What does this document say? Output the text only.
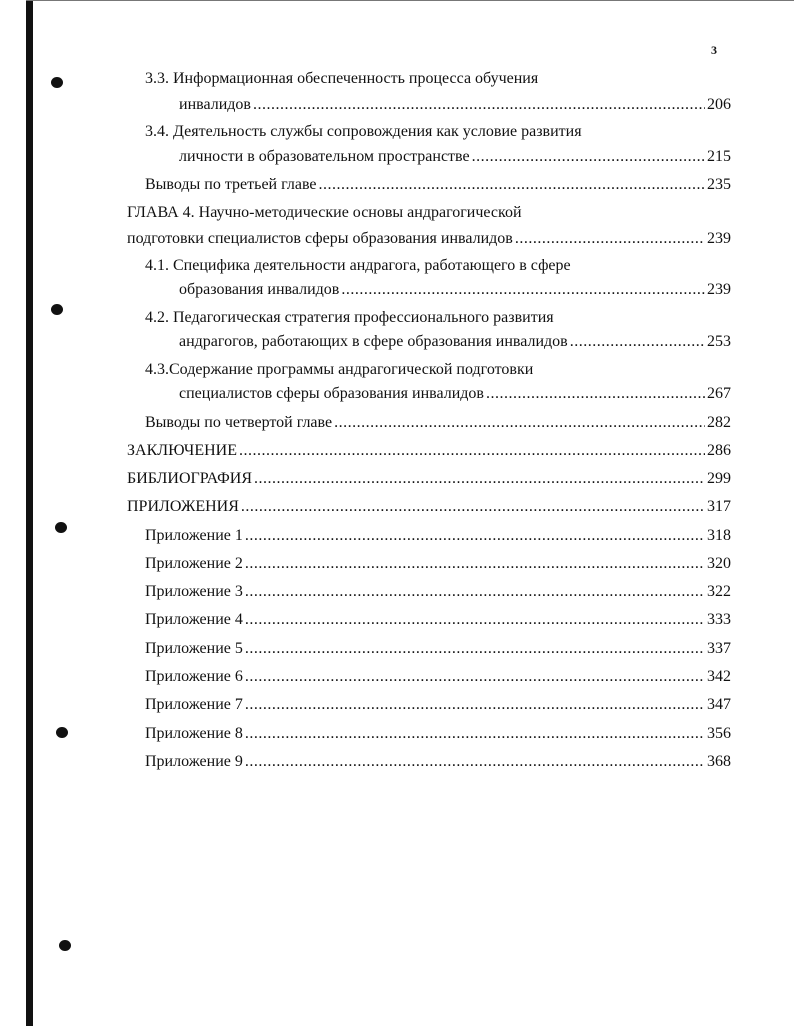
3
3.3. Информационная обеспеченность процесса обучения
инвалидов .....	206
3.4. Деятельность службы сопровождения как условие развития
личности в образовательном пространстве .....	215
Выводы по третьей главе .....	235
ГЛАВА 4. Научно-методические основы андрагогической
подготовки специалистов сферы образования инвалидов .....	239
4.1. Специфика деятельности андрагога, работающего в сфере
образования инвалидов .....	239
4.2. Педагогическая стратегия профессионального развития
андрагогов, работающих в сфере образования инвалидов .....	253
4.3.Содержание программы андрагогической подготовки
специалистов сферы образования инвалидов .....	267
Выводы по четвертой главе .....	282
ЗАКЛЮЧЕНИЕ .....	286
БИБЛИОГРАФИЯ .....	299
ПРИЛОЖЕНИЯ .....	317
Приложение 1 .....	318
Приложение 2 .....	320
Приложение 3 .....	322
Приложение 4 .....	333
Приложение 5 .....	337
Приложение 6 .....	342
Приложение 7 .....	347
Приложение 8 .....	356
Приложение 9 .....	368
